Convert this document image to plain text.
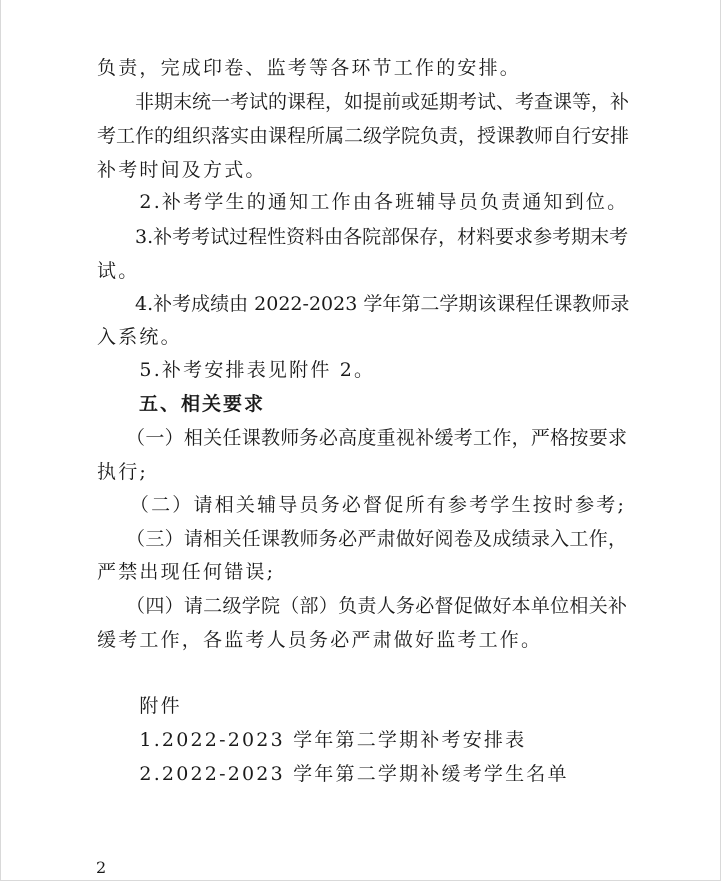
负责，完成印卷、监考等各环节工作的安排。
　　非期末统一考试的课程，如提前或延期考试、考查课等，补
考工作的组织落实由课程所属二级学院负责，授课教师自行安排
补考时间及方式。
　　2.补考学生的通知工作由各班辅导员负责通知到位。
　　3.补考考试过程性资料由各院部保存，材料要求参考期末考
试。
　　4.补考成绩由 2022-2023 学年第二学期该课程任课教师录
入系统。
　　5.补考安排表见附件 2。
　　五、相关要求
　　（一）相关任课教师务必高度重视补缓考工作，严格按要求
执行;
　　（二）请相关辅导员务必督促所有参考学生按时参考;
　　（三）请相关任课教师务必严肃做好阅卷及成绩录入工作，
严禁出现任何错误;
　　（四）请二级学院（部）负责人务必督促做好本单位相关补
缓考工作，各监考人员务必严肃做好监考工作。
　　附件
　　1.2022-2023 学年第二学期补考安排表
　　2.2022-2023 学年第二学期补缓考学生名单
2
